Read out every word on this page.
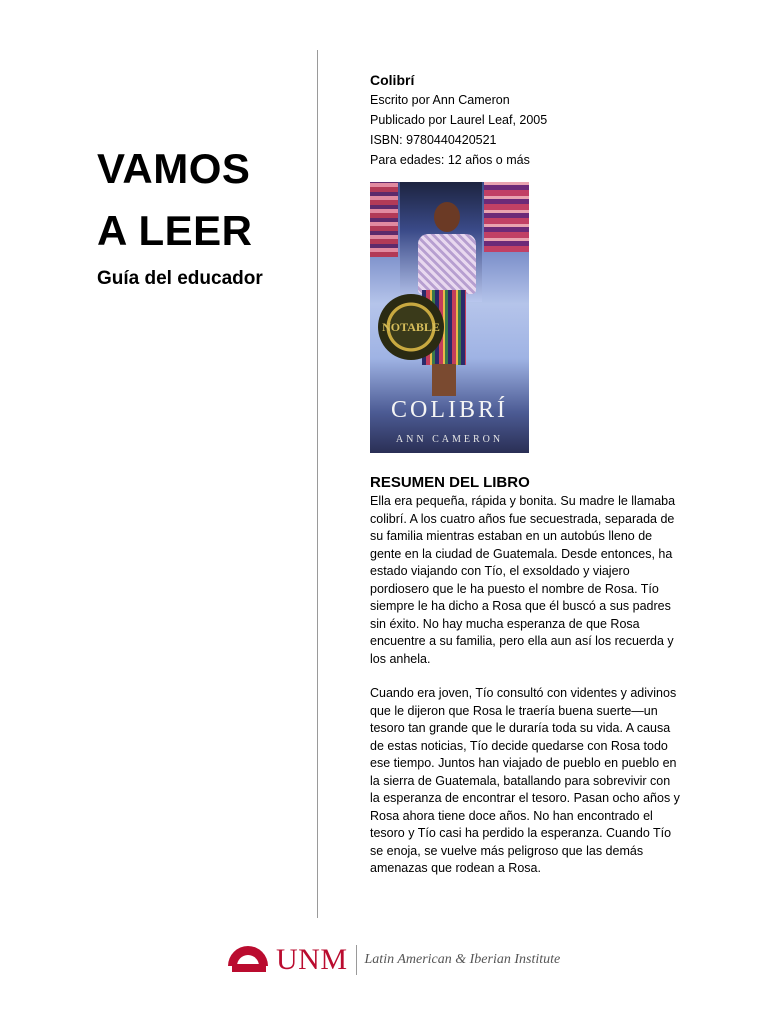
VAMOS
A LEER
Guía del educador
Colibrí
Escrito por Ann Cameron
Publicado por Laurel Leaf, 2005
ISBN: 9780440420521
Para edades: 12 años o más
NOTABLE
COLIBRÍ
ANN CAMERON
RESUMEN DEL LIBRO

Ella era pequeña, rápida y bonita. Su madre le llamaba colibrí. A los cuatro años fue secuestrada, separada de su familia mientras estaban en un autobús lleno de gente en la ciudad de Guatemala. Desde entonces, ha estado viajando con Tío, el exsoldado y viajero pordiosero que le ha puesto el nombre de Rosa. Tío siempre le ha dicho a Rosa que él buscó a sus padres sin éxito. No hay mucha esperanza de que Rosa encuentre a su familia, pero ella aun así los recuerda y los anhela.

Cuando era joven, Tío consultó con videntes y adivinos que le dijeron que Rosa le traería buena suerte—un tesoro tan grande que le duraría toda su vida. A causa de estas noticias, Tío decide quedarse con Rosa todo ese tiempo. Juntos han viajado de pueblo en pueblo en la sierra de Guatemala, batallando para sobrevivir con la esperanza de encontrar el tesoro. Pasan ocho años y Rosa ahora tiene doce años. No han encontrado el tesoro y Tío casi ha perdido la esperanza. Cuando Tío se enoja, se vuelve más peligroso que las demás amenazas que rodean a Rosa.

UNM Latin American & Iberian Institute
